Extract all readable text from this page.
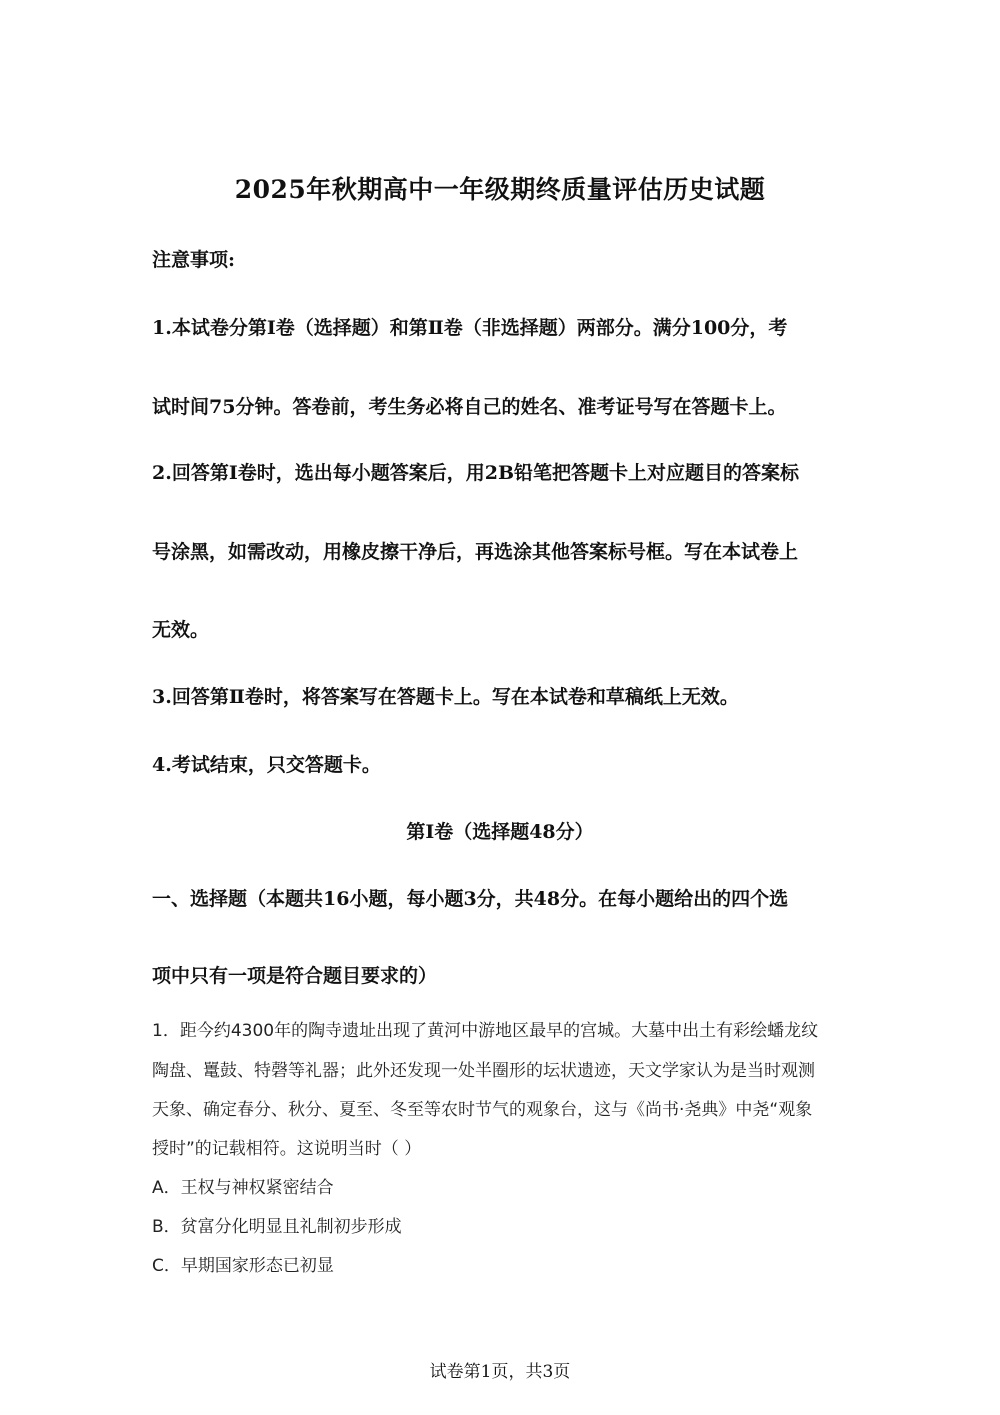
2025年秋期高中一年级期终质量评估历史试题
注意事项:
1.本试卷分第Ⅰ卷（选择题）和第Ⅱ卷（非选择题）两部分。满分100分，考
试时间75分钟。答卷前，考生务必将自己的姓名、准考证号写在答题卡上。
2.回答第Ⅰ卷时，选出每小题答案后，用2B铅笔把答题卡上对应题目的答案标
号涂黑，如需改动，用橡皮擦干净后，再选涂其他答案标号框。写在本试卷上
无效。
3.回答第Ⅱ卷时，将答案写在答题卡上。写在本试卷和草稿纸上无效。
4.考试结束，只交答题卡。
第Ⅰ卷（选择题48分）
一、选择题（本题共16小题，每小题3分，共48分。在每小题给出的四个选
项中只有一项是符合题目要求的）
1．距今约4300年的陶寺遗址出现了黄河中游地区最早的宫城。大墓中出土有彩绘蟠龙纹
陶盘、鼍鼓、特磬等礼器；此外还发现一处半圈形的坛状遗迹，天文学家认为是当时观测
天象、确定春分、秋分、夏至、冬至等农时节气的观象台，这与《尚书·尧典》中尧“观象
授时”的记载相符。这说明当时（ ）
A．王权与神权紧密结合
B．贫富分化明显且礼制初步形成
C．早期国家形态已初显
试卷第1页，共3页
